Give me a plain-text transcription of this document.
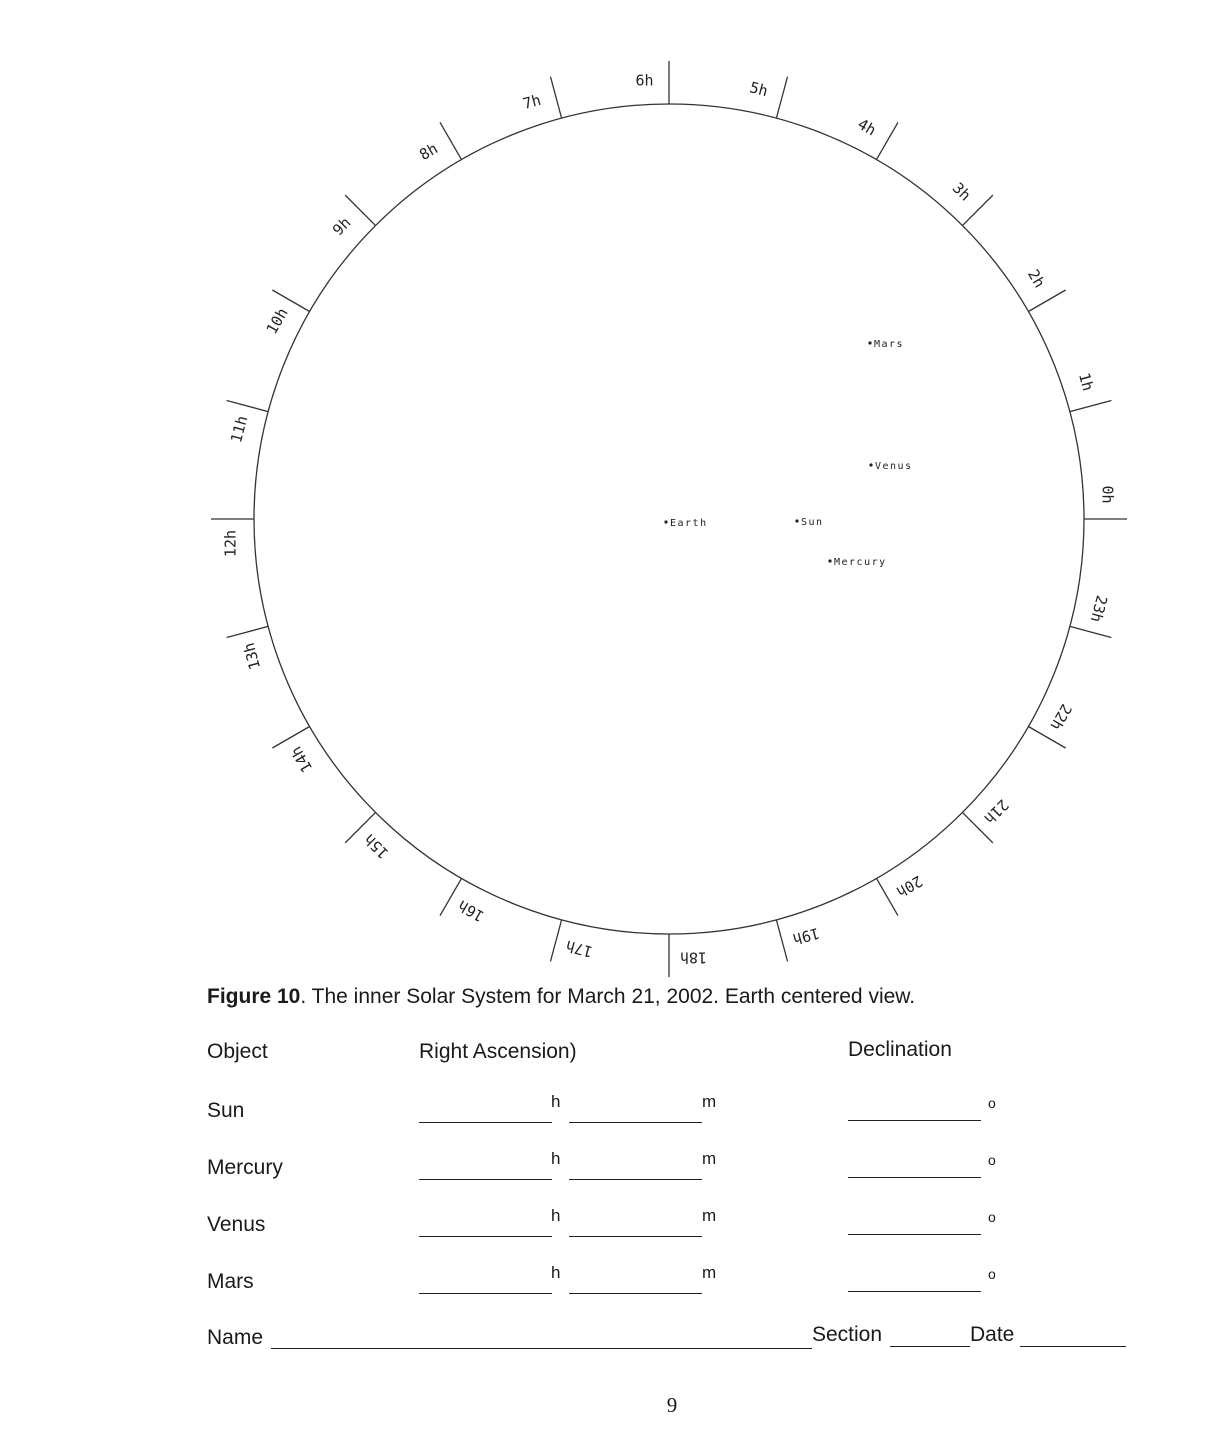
0h
1h
2h
3h
4h
5h
6h
7h
8h
9h
10h
11h
12h
13h
14h
15h
16h
17h	18h
19h
20h
21h
22h
23h
Earth	Sun
Mercury
Venus
Mars
Figure 10. The inner Solar System for March 21, 2002. Earth centered view.
Object	Right Ascension)	Declination
Sun	h	m	o
Mercury	h	m	o
Venus	h	m	o
Mars	h	m	o
Name	Section	Date
9
